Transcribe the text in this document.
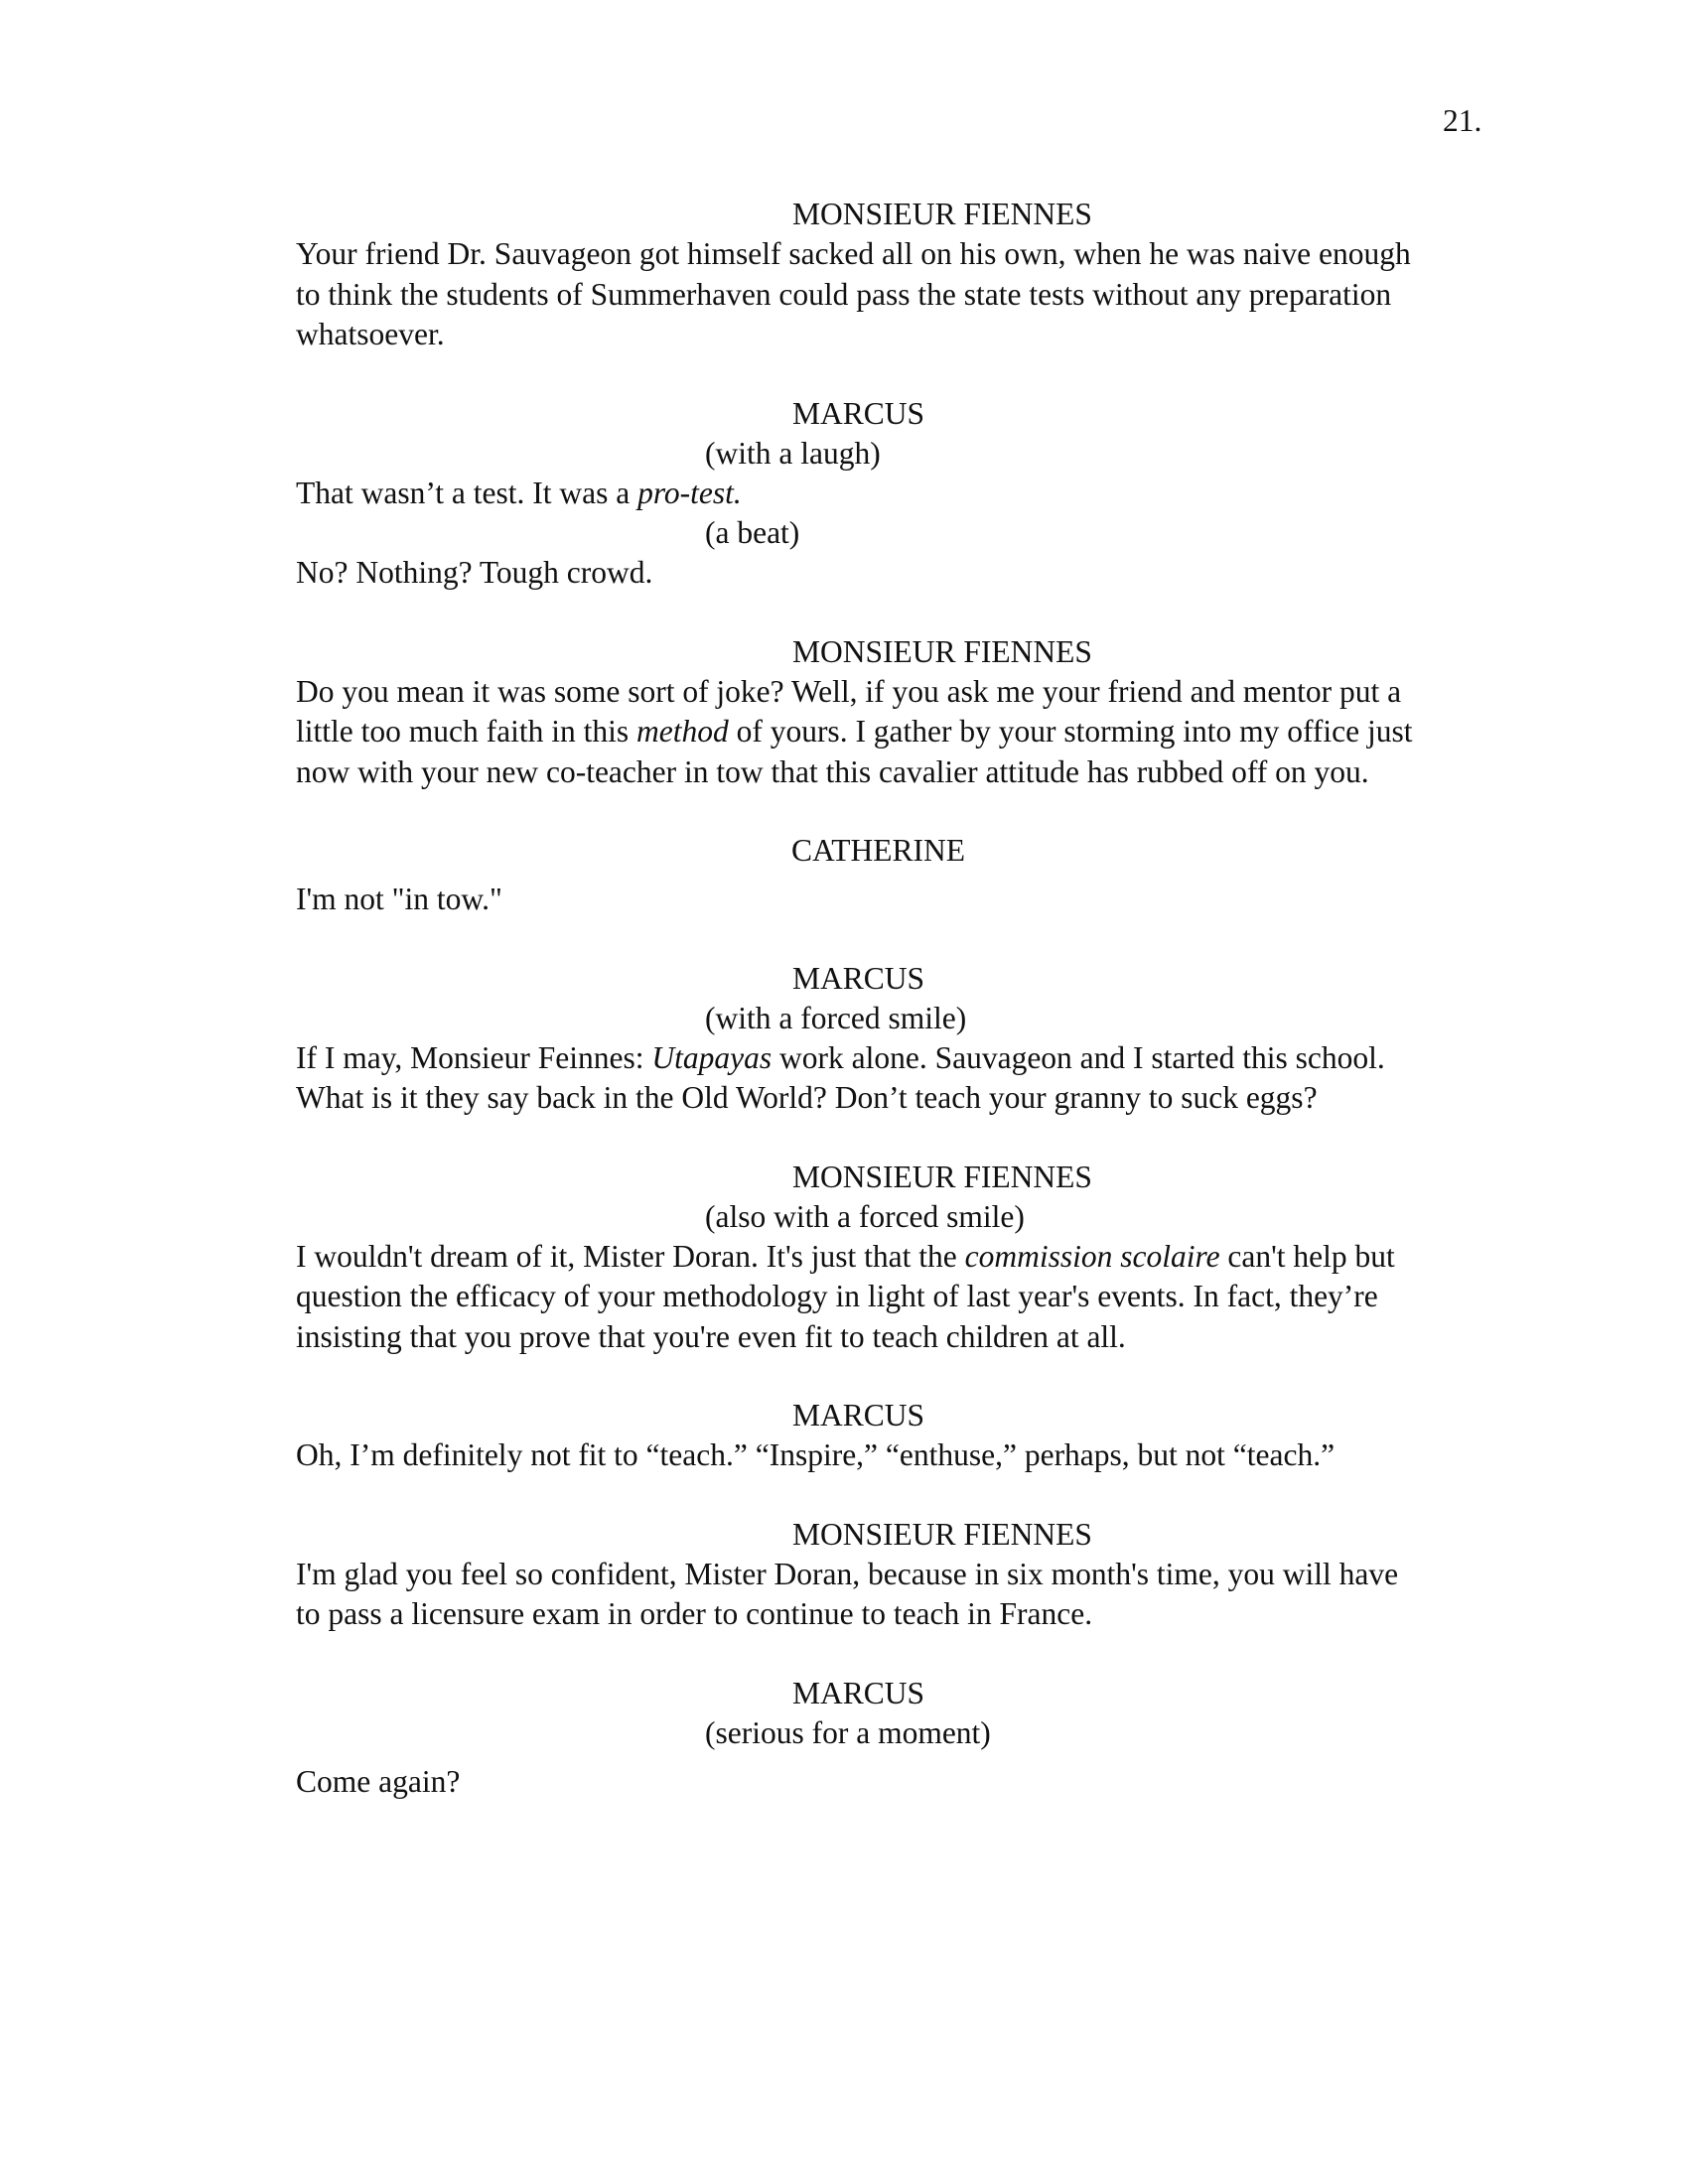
21.
MONSIEUR FIENNES
Your friend Dr. Sauvageon got himself sacked all on his own, when he was naive enough
to think the students of Summerhaven could pass the state tests without any preparation
whatsoever.
MARCUS
(with a laugh)
That wasn’t a test. It was a pro-test.
(a beat)
No? Nothing? Tough crowd.
MONSIEUR FIENNES
Do you mean it was some sort of joke? Well, if you ask me your friend and mentor put a
little too much faith in this method of yours. I gather by your storming into my office just
now with your new co-teacher in tow that this cavalier attitude has rubbed off on you.
CATHERINE
I'm not "in tow."
MARCUS
(with a forced smile)
If I may, Monsieur Feinnes: Utapayas work alone. Sauvageon and I started this school.
What is it they say back in the Old World? Don’t teach your granny to suck eggs?
MONSIEUR FIENNES
(also with a forced smile)
I wouldn't dream of it, Mister Doran. It's just that the commission scolaire can't help but
question the efficacy of your methodology in light of last year's events. In fact, they’re
insisting that you prove that you're even fit to teach children at all.
MARCUS
Oh, I’m definitely not fit to “teach.” “Inspire,” “enthuse,” perhaps, but not “teach.”
MONSIEUR FIENNES
I'm glad you feel so confident, Mister Doran, because in six month's time, you will have
to pass a licensure exam in order to continue to teach in France.
MARCUS
(serious for a moment)
Come again?
